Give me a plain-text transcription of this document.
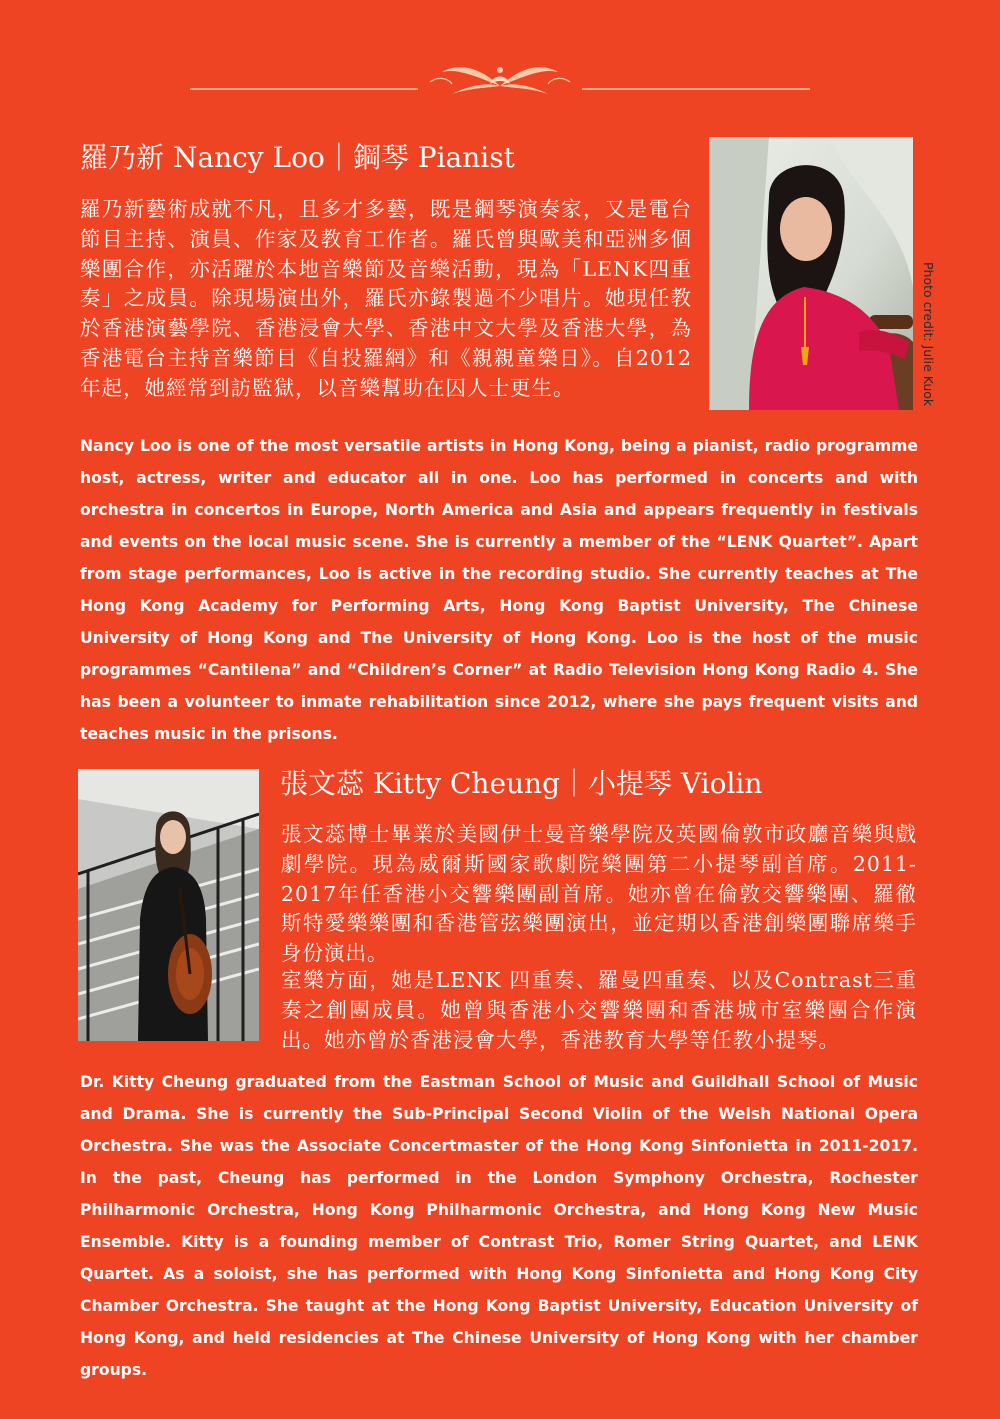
羅乃新 Nancy Loo｜鋼琴 Pianist
羅乃新藝術成就不凡，且多才多藝，既是鋼琴演奏家，又是電台節目主持、演員、作家及教育工作者。羅氏曾與歐美和亞洲多個樂團合作，亦活躍於本地音樂節及音樂活動，現為「LENK四重奏」之成員。除現場演出外，羅氏亦錄製過不少唱片。她現任教於香港演藝學院、香港浸會大學、香港中文大學及香港大學，為香港電台主持音樂節目《自投羅網》和《親親童樂日》。自2012年起，她經常到訪監獄，以音樂幫助在囚人士更生。	Photo credit: Julie Kuok
Nancy Loo is one of the most versatile artists in Hong Kong, being a pianist, radio programme host, actress, writer and educator all in one. Loo has performed in concerts and with orchestra in concertos in Europe, North America and Asia and appears frequently in festivals and events on the local music scene. She is currently a member of the “LENK Quartet”. Apart from stage performances, Loo is active in the recording studio. She currently teaches at The Hong Kong Academy for Performing Arts, Hong Kong Baptist University, The Chinese University of Hong Kong and The University of Hong Kong. Loo is the host of the music programmes “Cantilena” and “Children’s Corner” at Radio Television Hong Kong Radio 4. She has been a volunteer to inmate rehabilitation since 2012, where she pays frequent visits and teaches music in the prisons.
張文蕊 Kitty Cheung｜小提琴 Violin
張文蕊博士畢業於美國伊士曼音樂學院及英國倫敦市政廳音樂與戲劇學院。現為威爾斯國家歌劇院樂團第二小提琴副首席。2011-2017年任香港小交響樂團副首席。她亦曾在倫敦交響樂團、羅徹斯特愛樂樂團和香港管弦樂團演出，並定期以香港創樂團聯席樂手身份演出。
室樂方面，她是LENK 四重奏、羅曼四重奏、以及Contrast三重奏之創團成員。她曾與香港小交響樂團和香港城市室樂團合作演出。她亦曾於香港浸會大學，香港教育大學等任教小提琴。
Dr. Kitty Cheung graduated from the Eastman School of Music and Guildhall School of Music and Drama. She is currently the Sub-Principal Second Violin of the Welsh National Opera Orchestra. She was the Associate Concertmaster of the Hong Kong Sinfonietta in 2011-2017. In the past, Cheung has performed in the London Symphony Orchestra, Rochester Philharmonic Orchestra, Hong Kong Philharmonic Orchestra, and Hong Kong New Music Ensemble. Kitty is a founding member of Contrast Trio, Romer String Quartet, and LENK Quartet. As a soloist, she has performed with Hong Kong Sinfonietta and Hong Kong City Chamber Orchestra. She taught at the Hong Kong Baptist University, Education University of Hong Kong, and held residencies at The Chinese University of Hong Kong with her chamber groups.
